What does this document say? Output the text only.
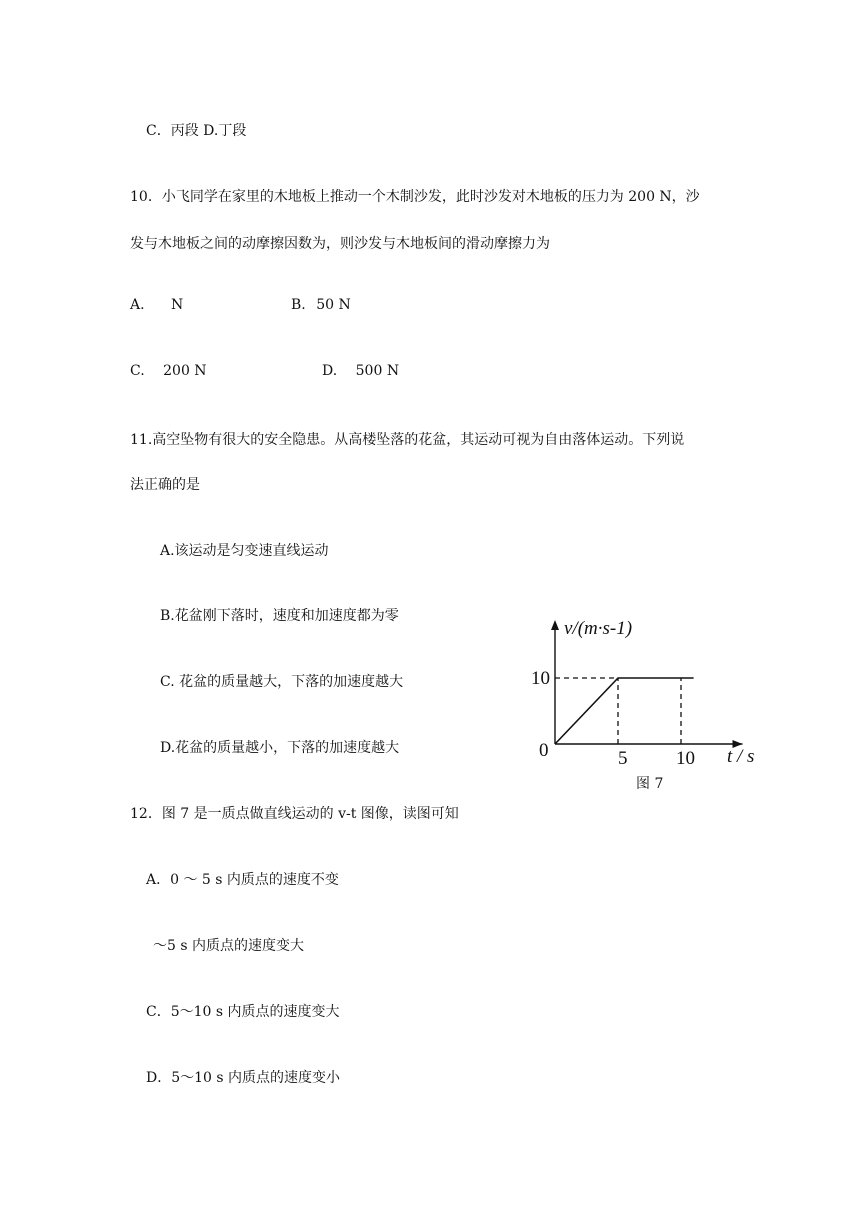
C．丙段 D.丁段
10．小飞同学在家里的木地板上推动一个木制沙发，此时沙发对木地板的压力为 200 N，沙
发与木地板之间的动摩擦因数为，则沙发与木地板间的滑动摩擦力为
A. N	B. 50 N
C. 200 N	D. 500 N
11.高空坠物有很大的安全隐患。从高楼坠落的花盆，其运动可视为自由落体运动。下列说
法正确的是
A.该运动是匀变速直线运动
B.花盆刚下落时，速度和加速度都为零
C. 花盆的质量越大，下落的加速度越大
D.花盆的质量越小，下落的加速度越大
v/(m·s-1)
10
0	5	10 t / s
图 7
12．图 7 是一质点做直线运动的 v-t 图像，读图可知
A．0 ～ 5 s 内质点的速度不变
～5 s 内质点的速度变大
C．5～10 s 内质点的速度变大
D．5～10 s 内质点的速度变小
